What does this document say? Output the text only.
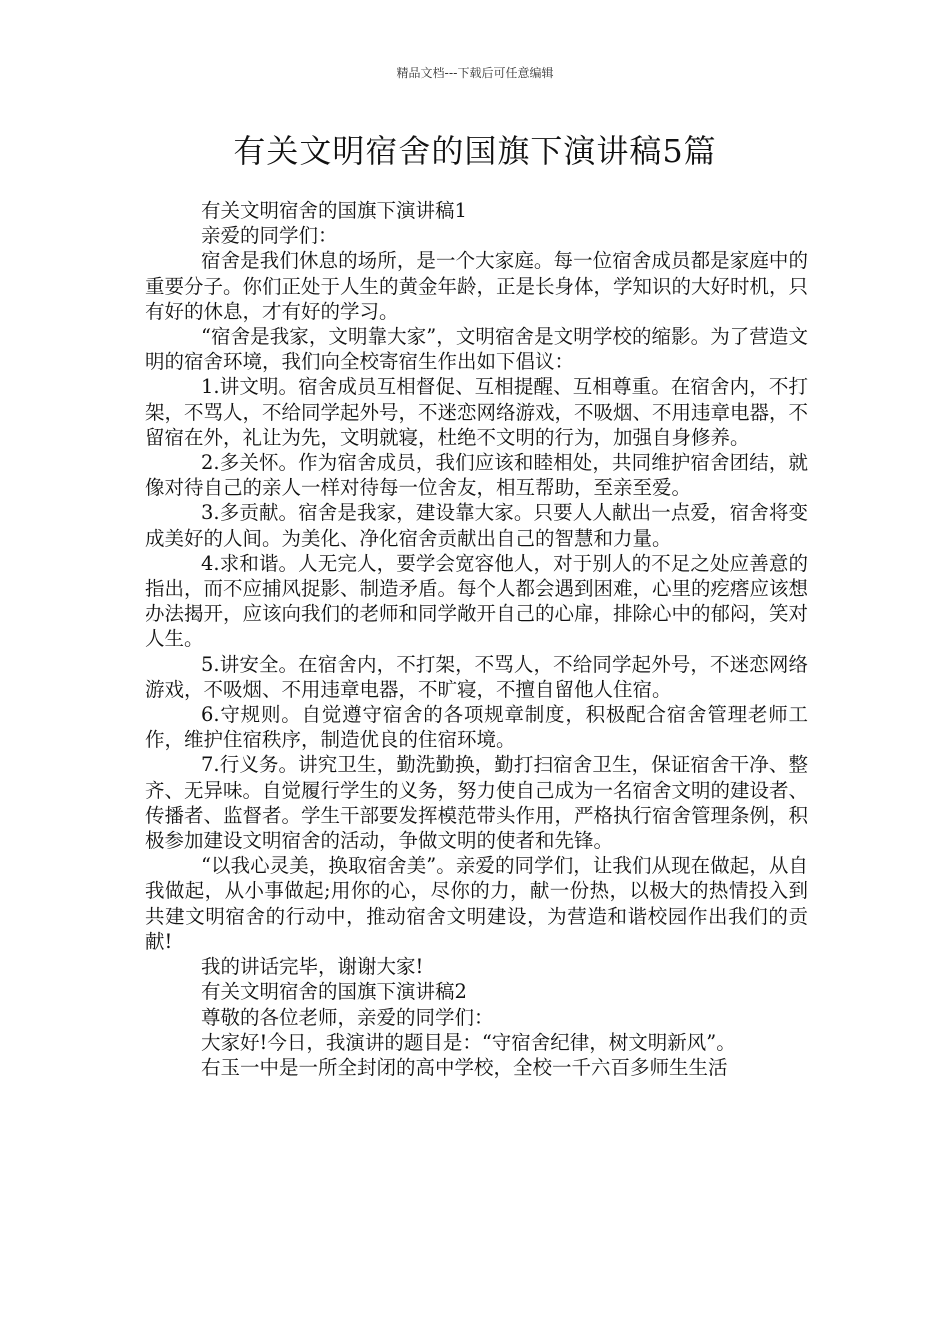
精品文档---下载后可任意编辑
有关文明宿舍的国旗下演讲稿5篇

有关文明宿舍的国旗下演讲稿1

亲爱的同学们：

宿舍是我们休息的场所，是一个大家庭。每一位宿舍成员都是家庭中的重要分子。你们正处于人生的黄金年龄，正是长身体，学知识的大好时机，只有好的休息，才有好的学习。

“宿舍是我家，文明靠大家”，文明宿舍是文明学校的缩影。为了营造文明的宿舍环境，我们向全校寄宿生作出如下倡议：

1.讲文明。宿舍成员互相督促、互相提醒、互相尊重。在宿舍内，不打架，不骂人，不给同学起外号，不迷恋网络游戏，不吸烟、不用违章电器，不留宿在外，礼让为先，文明就寝，杜绝不文明的行为，加强自身修养。

2.多关怀。作为宿舍成员，我们应该和睦相处，共同维护宿舍团结，就像对待自己的亲人一样对待每一位舍友，相互帮助，至亲至爱。

3.多贡献。宿舍是我家，建设靠大家。只要人人献出一点爱，宿舍将变成美好的人间。为美化、净化宿舍贡献出自己的智慧和力量。

4.求和谐。人无完人，要学会宽容他人，对于别人的不足之处应善意的指出，而不应捕风捉影、制造矛盾。每个人都会遇到困难，心里的疙瘩应该想办法揭开，应该向我们的老师和同学敞开自己的心扉，排除心中的郁闷，笑对人生。

5.讲安全。在宿舍内，不打架，不骂人，不给同学起外号，不迷恋网络游戏，不吸烟、不用违章电器，不旷寝，不擅自留他人住宿。

6.守规则。自觉遵守宿舍的各项规章制度，积极配合宿舍管理老师工作，维护住宿秩序，制造优良的住宿环境。

7.行义务。讲究卫生，勤洗勤换，勤打扫宿舍卫生，保证宿舍干净、整齐、无异味。自觉履行学生的义务，努力使自己成为一名宿舍文明的建设者、传播者、监督者。学生干部要发挥模范带头作用，严格执行宿舍管理条例，积极参加建设文明宿舍的活动，争做文明的使者和先锋。

“以我心灵美，换取宿舍美”。亲爱的同学们，让我们从现在做起，从自我做起，从小事做起;用你的心，尽你的力，献一份热，以极大的热情投入到共建文明宿舍的行动中，推动宿舍文明建设，为营造和谐校园作出我们的贡献!

我的讲话完毕，谢谢大家!

有关文明宿舍的国旗下演讲稿2

尊敬的各位老师，亲爱的同学们：

大家好!今日，我演讲的题目是：“守宿舍纪律，树文明新风”。

右玉一中是一所全封闭的高中学校，全校一千六百多师生生活
